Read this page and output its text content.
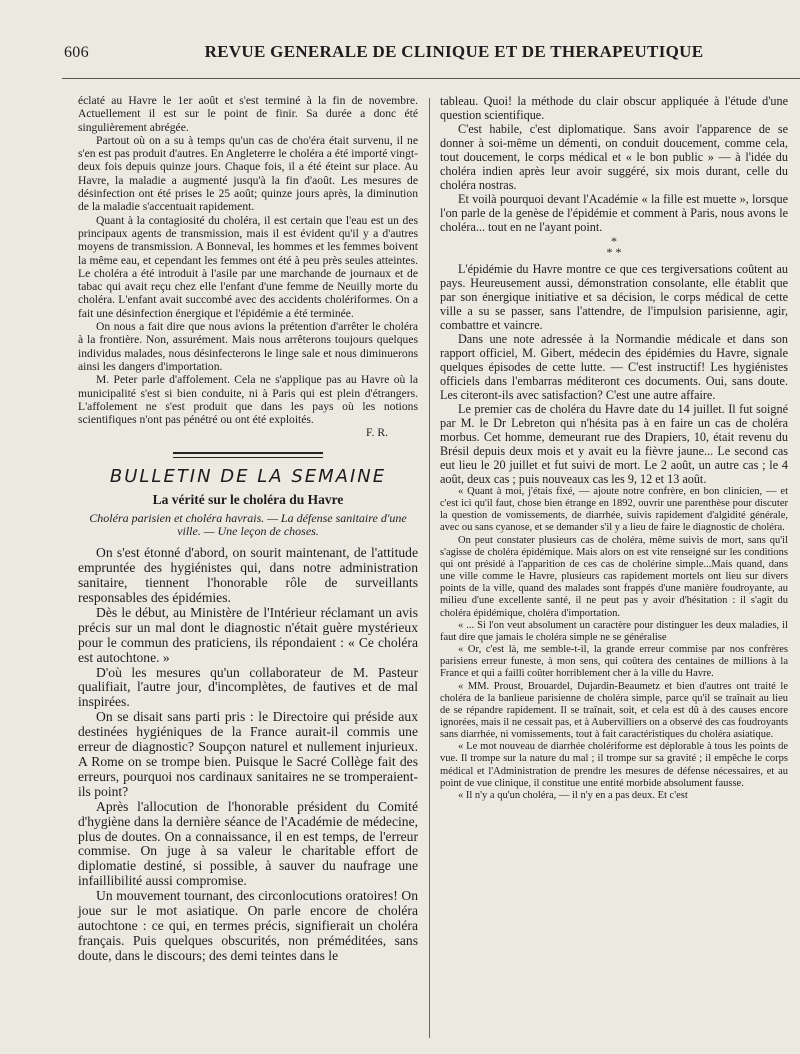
606	REVUE GENERALE DE CLINIQUE ET DE THERAPEUTIQUE

éclaté au Havre le 1er août et s'est terminé à la fin de novembre. Actuellement il est sur le point de finir. Sa durée a donc été singulièrement abrégée.

Partout où on a su à temps qu'un cas de cho'éra était survenu, il ne s'en est pas produit d'autres. En Angleterre le choléra a été importé vingt-deux fois depuis quinze jours. Chaque fois, il a été éteint sur place. Au Havre, la maladie a augmenté jusqu'à la fin d'août. Les mesures de désinfection ont été prises le 25 août; quinze jours après, la diminution de la maladie s'accentuait rapidement.

Quant à la contagiosité du choléra, il est certain que l'eau est un des principaux agents de transmission, mais il est évident qu'il y a d'autres moyens de transmission. A Bonneval, les hommes et les femmes boivent la même eau, et cependant les femmes ont été à peu près seules atteintes. Le choléra a été introduit à l'asile par une marchande de journaux et de tabac qui avait reçu chez elle l'enfant d'une femme de Neuilly morte du choléra. L'enfant avait succombé avec des accidents cholériformes. On a fait une désinfection énergique et l'épidémie a été terminée.

On nous a fait dire que nous avions la prétention d'arrêter le choléra à la frontière. Non, assurément. Mais nous arrêterons toujours quelques individus malades, nous désinfecterons le linge sale et nous diminuerons ainsi les dangers d'importation.

M. Peter parle d'affolement. Cela ne s'applique pas au Havre où la municipalité s'est si bien conduite, ni à Paris qui est plein d'étrangers. L'affolement ne s'est produit que dans les pays où les notions scientifiques n'ont pas pénétré ou ont été exploités.

F. R.
BULLETIN DE LA SEMAINE
La vérité sur le choléra du Havre
Choléra parisien et choléra havrais. — La défense sanitaire d'une ville. — Une leçon de choses.

On s'est étonné d'abord, on sourit maintenant, de l'attitude empruntée des hygiénistes qui, dans notre administration sanitaire, tiennent l'honorable rôle de surveillants responsables des épidémies.

Dès le début, au Ministère de l'Intérieur réclamant un avis précis sur un mal dont le diagnostic n'était guère mystérieux pour le commun des praticiens, ils répondaient : « Ce choléra est autochtone. »

D'où les mesures qu'un collaborateur de M. Pasteur qualifiait, l'autre jour, d'incomplètes, de fautives et de mal inspirées.

On se disait sans parti pris : le Directoire qui préside aux destinées hygiéniques de la France aurait-il commis une erreur de diagnostic? Soupçon naturel et nullement injurieux. A Rome on se trompe bien. Puisque le Sacré Collège fait des erreurs, pourquoi nos cardinaux sanitaires ne se tromperaient-ils point?

Après l'allocution de l'honorable président du Comité d'hygiène dans la dernière séance de l'Académie de médecine, plus de doutes. On a connaissance, il en est temps, de l'erreur commise. On juge à sa valeur le charitable effort de diplomatie destiné, si possible, à sauver du naufrage une infaillibilité aussi compromise.

Un mouvement tournant, des circonlocutions oratoires! On joue sur le mot asiatique. On parle encore de choléra autochtone : ce qui, en termes précis, signifierait un choléra français. Puis quelques obscurités, non préméditées, sans doute, dans le discours; des demi teintes dans le

tableau. Quoi! la méthode du clair obscur appliquée à l'étude d'une question scientifique.

C'est habile, c'est diplomatique. Sans avoir l'apparence de se donner à soi-même un démenti, on conduit doucement, comme cela, tout doucement, le corps médical et « le bon public » — à l'idée du choléra indien après leur avoir suggéré, six mois durant, celle du choléra nostras.

Et voilà pourquoi devant l'Académie « la fille est muette », lorsque l'on parle de la genèse de l'épidémie et comment à Paris, nous avons le choléra... tout en ne l'ayant point.

*
* *

L'épidémie du Havre montre ce que ces tergiversations coûtent au pays. Heureusement aussi, démonstration consolante, elle établit que par son énergique initiative et sa décision, le corps médical de cette ville a su se passer, sans l'attendre, de l'impulsion parisienne, agir, combattre et vaincre.

Dans une note adressée à la Normandie médicale et dans son rapport officiel, M. Gibert, médecin des épidémies du Havre, signale quelques épisodes de cette lutte. — C'est instructif! Les hygiénistes officiels dans l'embarras méditeront ces documents. Oui, sans doute. Les citeront-ils avec satisfaction? C'est une autre affaire.

Le premier cas de choléra du Havre date du 14 juillet. Il fut soigné par M. le Dr Lebreton qui n'hésita pas à en faire un cas de choléra morbus. Cet homme, demeurant rue des Drapiers, 10, était revenu du Brésil depuis deux mois et y avait eu la fièvre jaune... Le second cas eut lieu le 20 juillet et fut suivi de mort. Le 2 août, un autre cas ; le 4 août, deux cas ; puis nouveaux cas les 9, 12 et 13 août.

« Quant à moi, j'étais fixé, — ajoute notre confrère, en bon clinicien, — et c'est ici qu'il faut, chose bien étrange en 1892, ouvrir une parenthèse pour discuter la question de vomissements, de diarrhée, suivis rapidement d'algidité générale, avec ou sans cyanose, et se demander s'il y a lieu de faire le diagnostic de choléra.

On peut constater plusieurs cas de choléra, même suivis de mort, sans qu'il s'agisse de choléra épidémique. Mais alors on est vite renseigné sur les conditions qui ont présidé à l'apparition de ces cas de cholérine simple...Mais quand, dans une ville comme le Havre, plusieurs cas rapidement mortels ont lieu sur divers points de la ville, quand des malades sont frappés d'une manière foudroyante, au milieu d'une excellente santé, il ne peut pas y avoir d'hésitation : il s'agit du choléra épidémique, choléra d'importation.

« ... Si l'on veut absolument un caractère pour distinguer les deux maladies, il faut dire que jamais le choléra simple ne se généralise

« Or, c'est là, me semble-t-il, la grande erreur commise par nos confrères parisiens erreur funeste, à mon sens, qui coûtera des centaines de millions à la France et qui a failli coûter horriblement cher à la ville du Havre.

« MM. Proust, Brouardel, Dujardin-Beaumetz et bien d'autres ont traité le choléra de la banlieue parisienne de choléra simple, parce qu'il se traînait au lieu de se répandre rapidement. Il se traînait, soit, et cela est dû à des causes encore ignorées, mais il ne cessait pas, et à Aubervilliers on a observé des cas foudroyants sans diarrhée, ni vomissements, tout à fait caractéristiques du choléra asiatique.

« Le mot nouveau de diarrhée cholériforme est déplorable à tous les points de vue. Il trompe sur la nature du mal ; il trompe sur sa gravité ; il empêche le corps médical et l'Administration de prendre les mesures de défense nécessaires, et au point de vue clinique, il constitue une entité morbide absolument fausse.

« Il n'y a qu'un choléra, — il n'y en a pas deux. Et c'est
